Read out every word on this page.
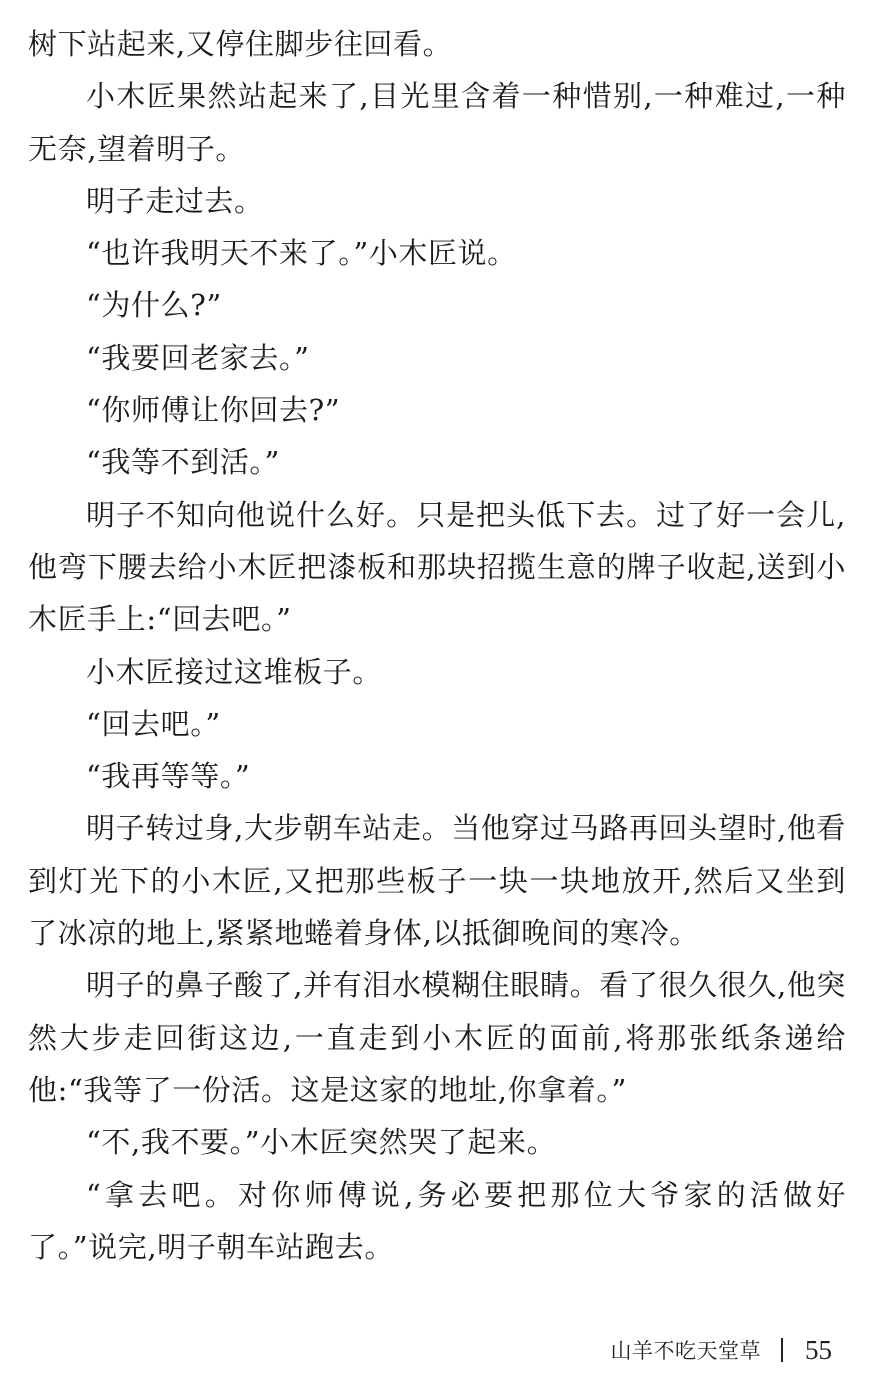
树下站起来,又停住脚步往回看。

小木匠果然站起来了,目光里含着一种惜别,一种难过,一种无奈,望着明子。

明子走过去。

“也许我明天不来了。”小木匠说。

“为什么?”

“我要回老家去。”

“你师傅让你回去?”

“我等不到活。”

明子不知向他说什么好。只是把头低下去。过了好一会儿,他弯下腰去给小木匠把漆板和那块招揽生意的牌子收起,送到小木匠手上:“回去吧。”

小木匠接过这堆板子。

“回去吧。”

“我再等等。”

明子转过身,大步朝车站走。当他穿过马路再回头望时,他看到灯光下的小木匠,又把那些板子一块一块地放开,然后又坐到了冰凉的地上,紧紧地蜷着身体,以抵御晚间的寒冷。

明子的鼻子酸了,并有泪水模糊住眼睛。看了很久很久,他突然大步走回街这边,一直走到小木匠的面前,将那张纸条递给他:“我等了一份活。这是这家的地址,你拿着。”

“不,我不要。”小木匠突然哭了起来。

“拿去吧。对你师傅说,务必要把那位大爷家的活做好了。”说完,明子朝车站跑去。

山羊不吃天堂草 55
